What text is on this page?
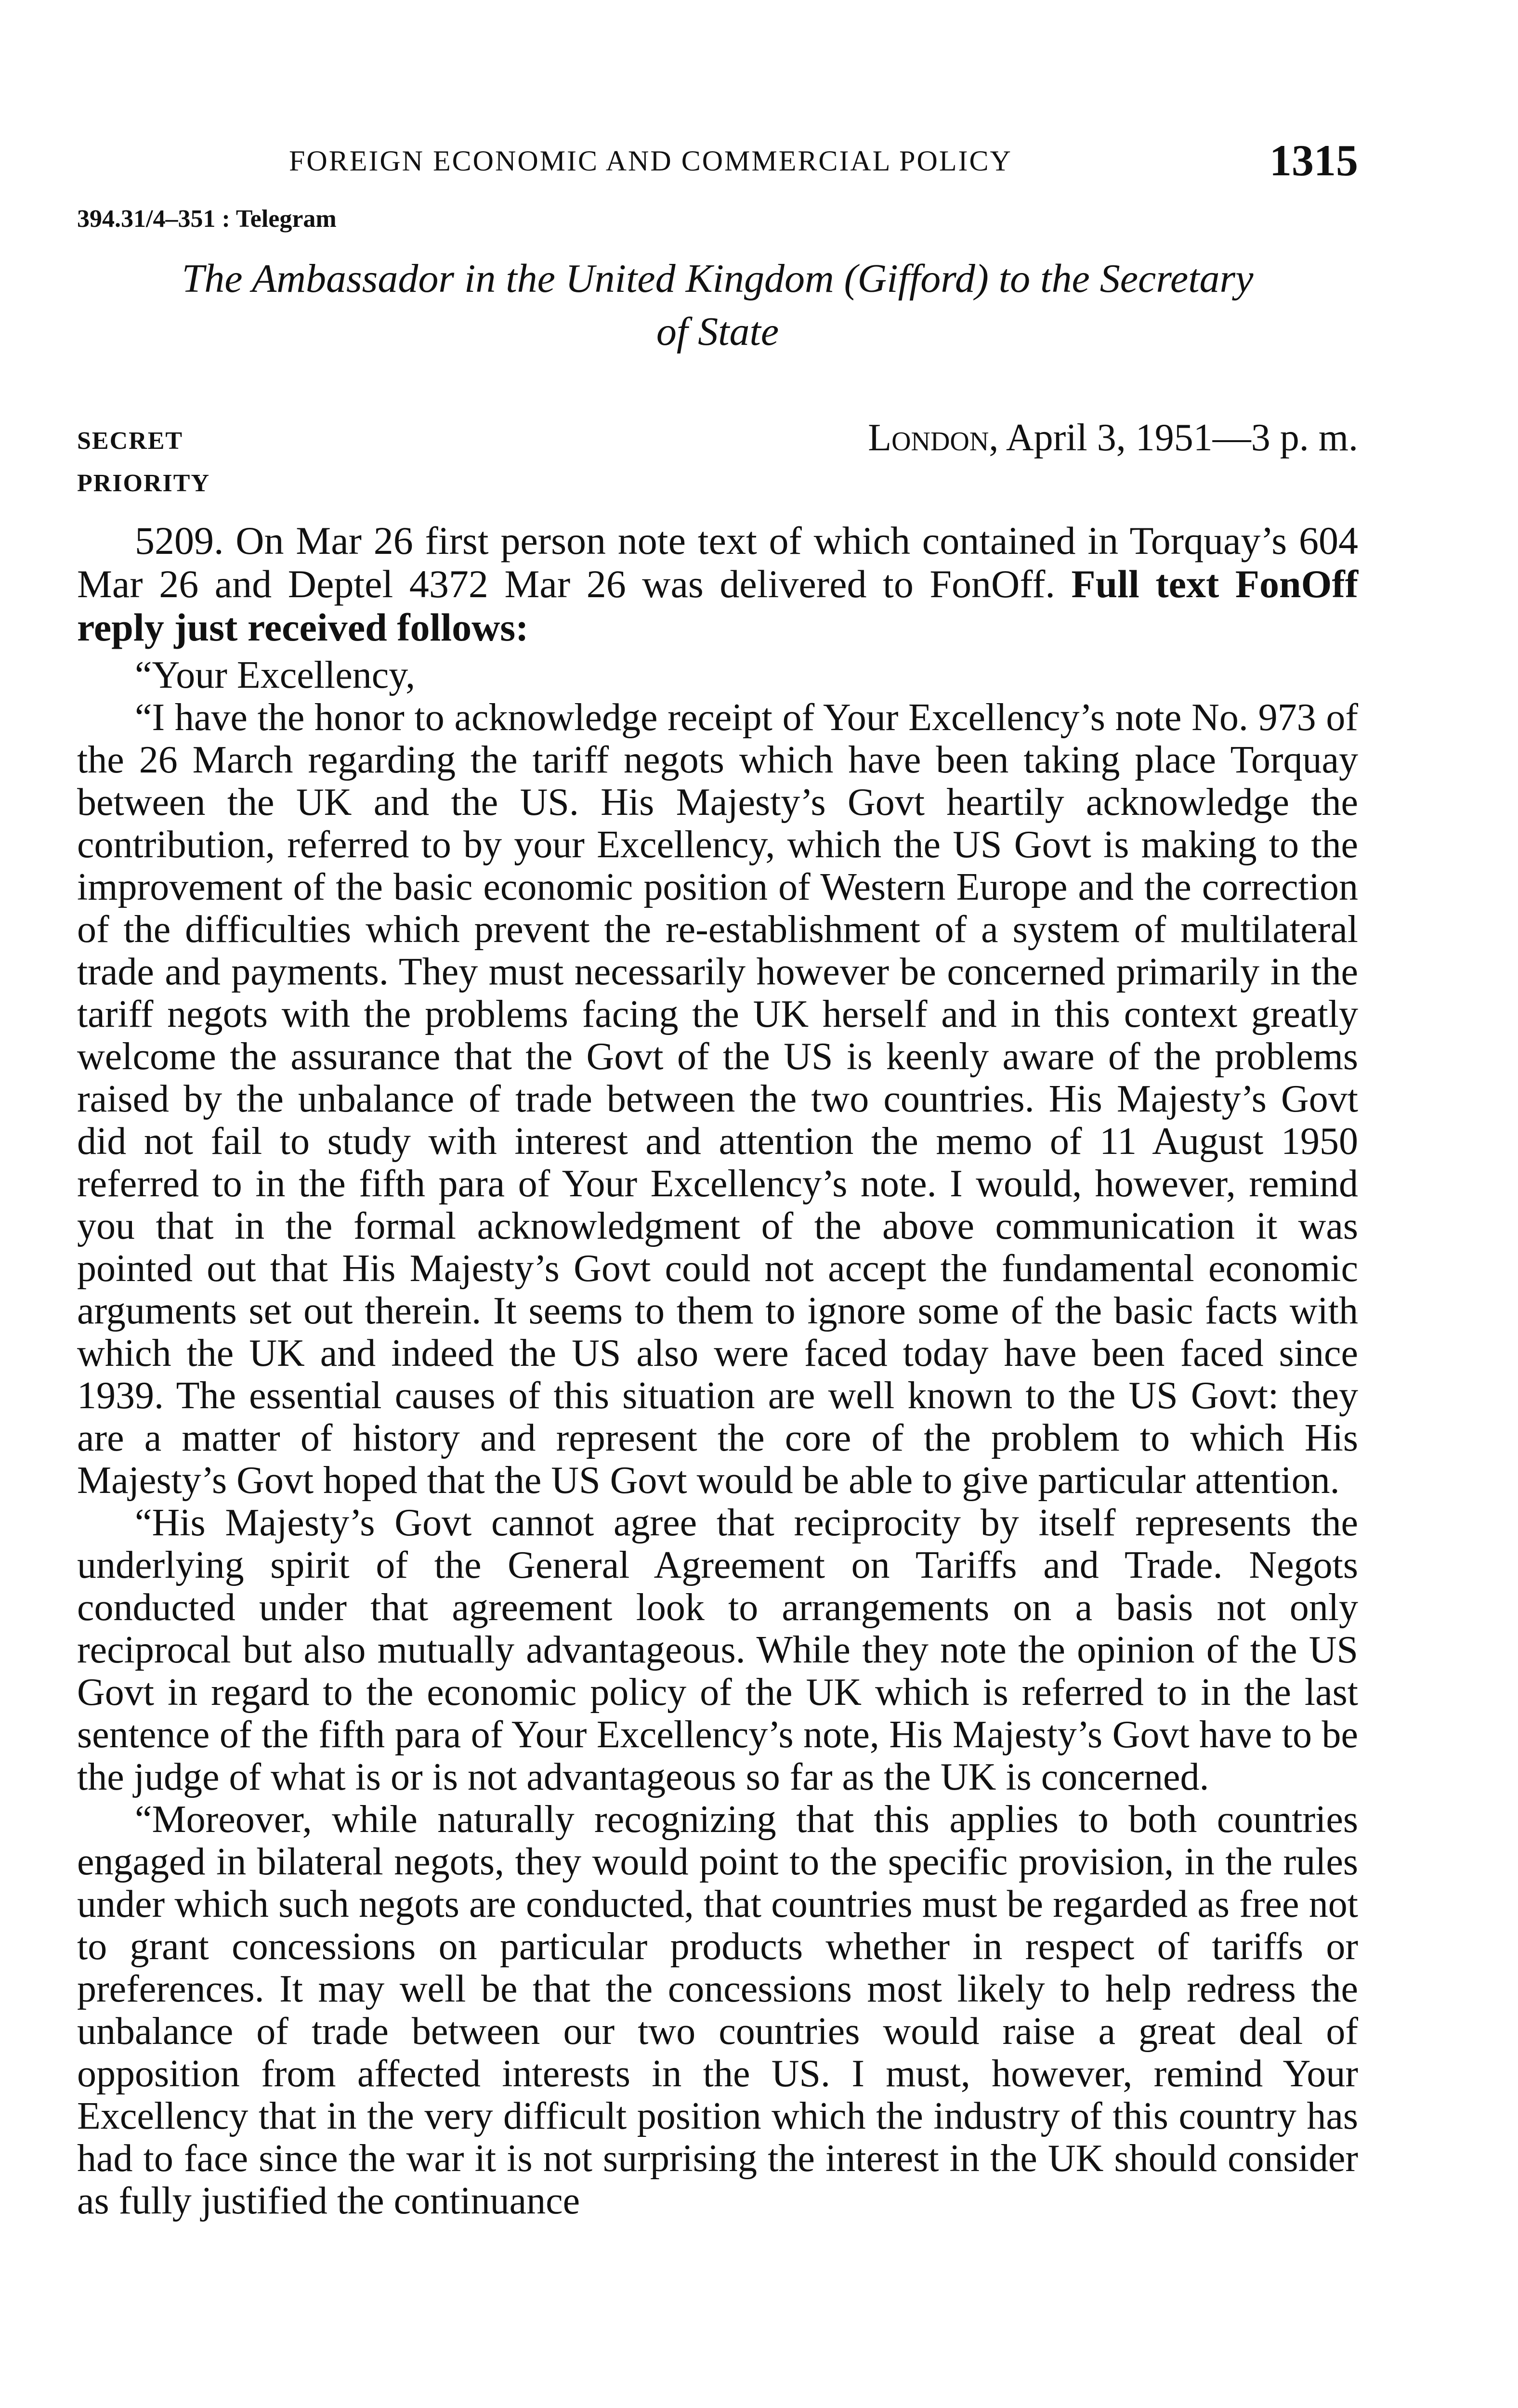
FOREIGN ECONOMIC AND COMMERCIAL POLICY	1315
394.31/4–351 : Telegram
The Ambassador in the United Kingdom (Gifford) to the Secretary
of State
SECRET	London, April 3, 1951—3 p. m.
PRIORITY

5209. On Mar 26 first person note text of which contained in Torquay’s 604 Mar 26 and Deptel 4372 Mar 26 was delivered to FonOff. Full text FonOff reply just received follows:

“Your Excellency,

“I have the honor to acknowledge receipt of Your Excellency’s note No. 973 of the 26 March regarding the tariff negots which have been taking place Torquay between the UK and the US. His Majesty’s Govt heartily acknowledge the contribution, referred to by your Excellency, which the US Govt is making to the improvement of the basic economic position of Western Europe and the correction of the difficulties which prevent the re-establishment of a system of multilateral trade and payments. They must necessarily however be concerned primarily in the tariff negots with the problems facing the UK herself and in this context greatly welcome the assurance that the Govt of the US is keenly aware of the problems raised by the unbalance of trade between the two countries. His Majesty’s Govt did not fail to study with interest and attention the memo of 11 August 1950 referred to in the fifth para of Your Excellency’s note. I would, however, remind you that in the formal acknowledgment of the above communication it was pointed out that His Majesty’s Govt could not accept the fundamental economic arguments set out therein. It seems to them to ignore some of the basic facts with which the UK and indeed the US also were faced today have been faced since 1939. The essential causes of this situation are well known to the US Govt: they are a matter of history and represent the core of the problem to which His Majesty’s Govt hoped that the US Govt would be able to give particular attention.

“His Majesty’s Govt cannot agree that reciprocity by itself represents the underlying spirit of the General Agreement on Tariffs and Trade. Negots conducted under that agreement look to arrangements on a basis not only reciprocal but also mutually advantageous. While they note the opinion of the US Govt in regard to the economic policy of the UK which is referred to in the last sentence of the fifth para of Your Excellency’s note, His Majesty’s Govt have to be the judge of what is or is not advantageous so far as the UK is concerned.

“Moreover, while naturally recognizing that this applies to both countries engaged in bilateral negots, they would point to the specific provision, in the rules under which such negots are conducted, that countries must be regarded as free not to grant concessions on particular products whether in respect of tariffs or preferences. It may well be that the concessions most likely to help redress the unbalance of trade between our two countries would raise a great deal of opposition from affected interests in the US. I must, however, remind Your Excellency that in the very difficult position which the industry of this country has had to face since the war it is not surprising the interest in the UK should consider as fully justified the continuance
